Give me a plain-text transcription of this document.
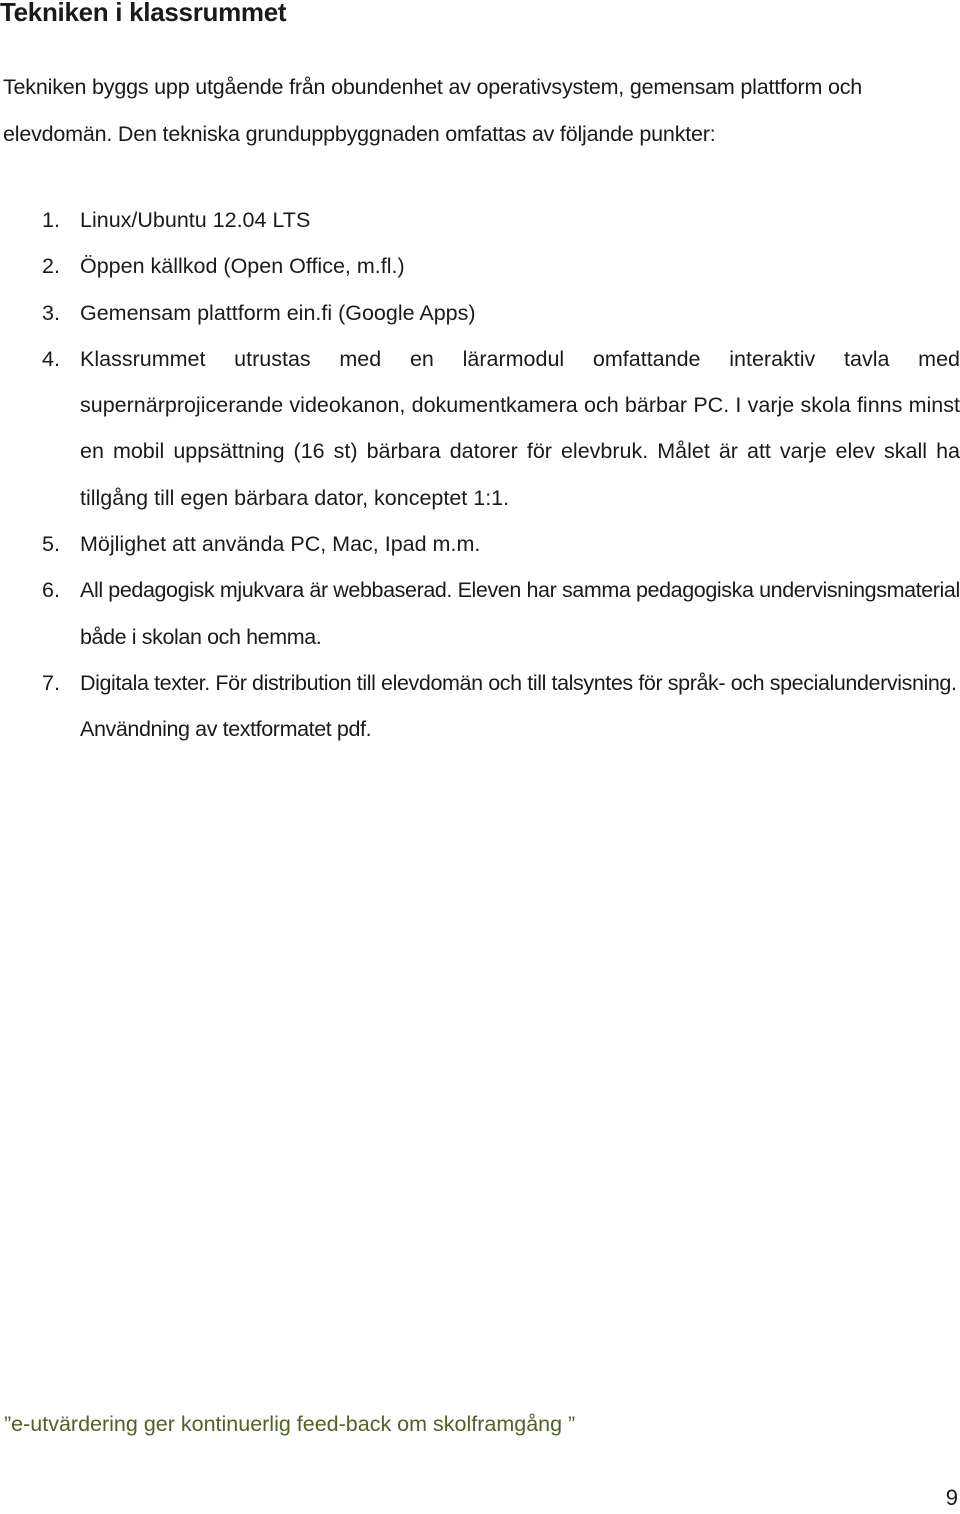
Tekniken i klassrummet

Tekniken byggs upp utgående från obundenhet av operativsystem, gemensam plattform och elevdomän. Den tekniska grunduppbyggnaden omfattas av följande punkter:

1. Linux/Ubuntu 12.04 LTS
2. Öppen källkod (Open Office, m.fl.)
3. Gemensam plattform ein.fi (Google Apps)
4. Klassrummet utrustas med en lärarmodul omfattande interaktiv tavla med supernärprojicerande videokanon, dokumentkamera och bärbar PC. I varje skola finns minst en mobil uppsättning (16 st) bärbara datorer för elevbruk. Målet är att varje elev skall ha tillgång till egen bärbara dator, konceptet 1:1.
5. Möjlighet att använda PC, Mac, Ipad m.m.
6. All pedagogisk mjukvara är webbaserad. Eleven har samma pedagogiska undervisningsmaterial både i skolan och hemma.
7. Digitala texter. För distribution till elevdomän och till talsyntes för språk- och specialundervisning. Användning av textformatet pdf.

”e-utvärdering ger kontinuerlig feed-back om skolframgång ”

9
